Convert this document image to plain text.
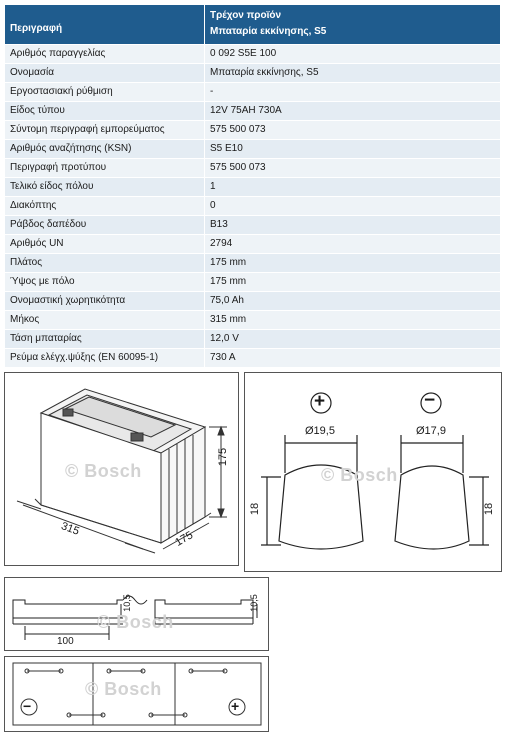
Περιγραφή	Τρέχον προϊόν
Μπαταρία εκκίνησης, S5

Αριθμός παραγγελίας	0 092 S5E 100
Ονομασία	Μπαταρία εκκίνησης, S5
Εργοστασιακή ρύθμιση	-
Είδος τύπου	12V 75AH 730A
Σύντομη περιγραφή εμπορεύματος	575 500 073
Αριθμός αναζήτησης (KSN)	S5 E10
Περιγραφή προτύπου	575 500 073
Τελικό είδος πόλου	1
Διακόπτης	0
Ράβδος δαπέδου	B13
Αριθμός UN	2794
Πλάτος	175 mm
Ύψος με πόλο	175 mm
Ονομαστική χωρητικότητα	75,0 Ah
Μήκος	315 mm
Τάση μπαταρίας	12,0 V
Ρεύμα ελέγχ.ψύξης (EN 60095-1)	730 A
175
315
175
© Bosch
+	−
Ø19,5	Ø17,9
18	18
© Bosch
10,5
100
10,5
© Bosch
−	+
© Bosch
